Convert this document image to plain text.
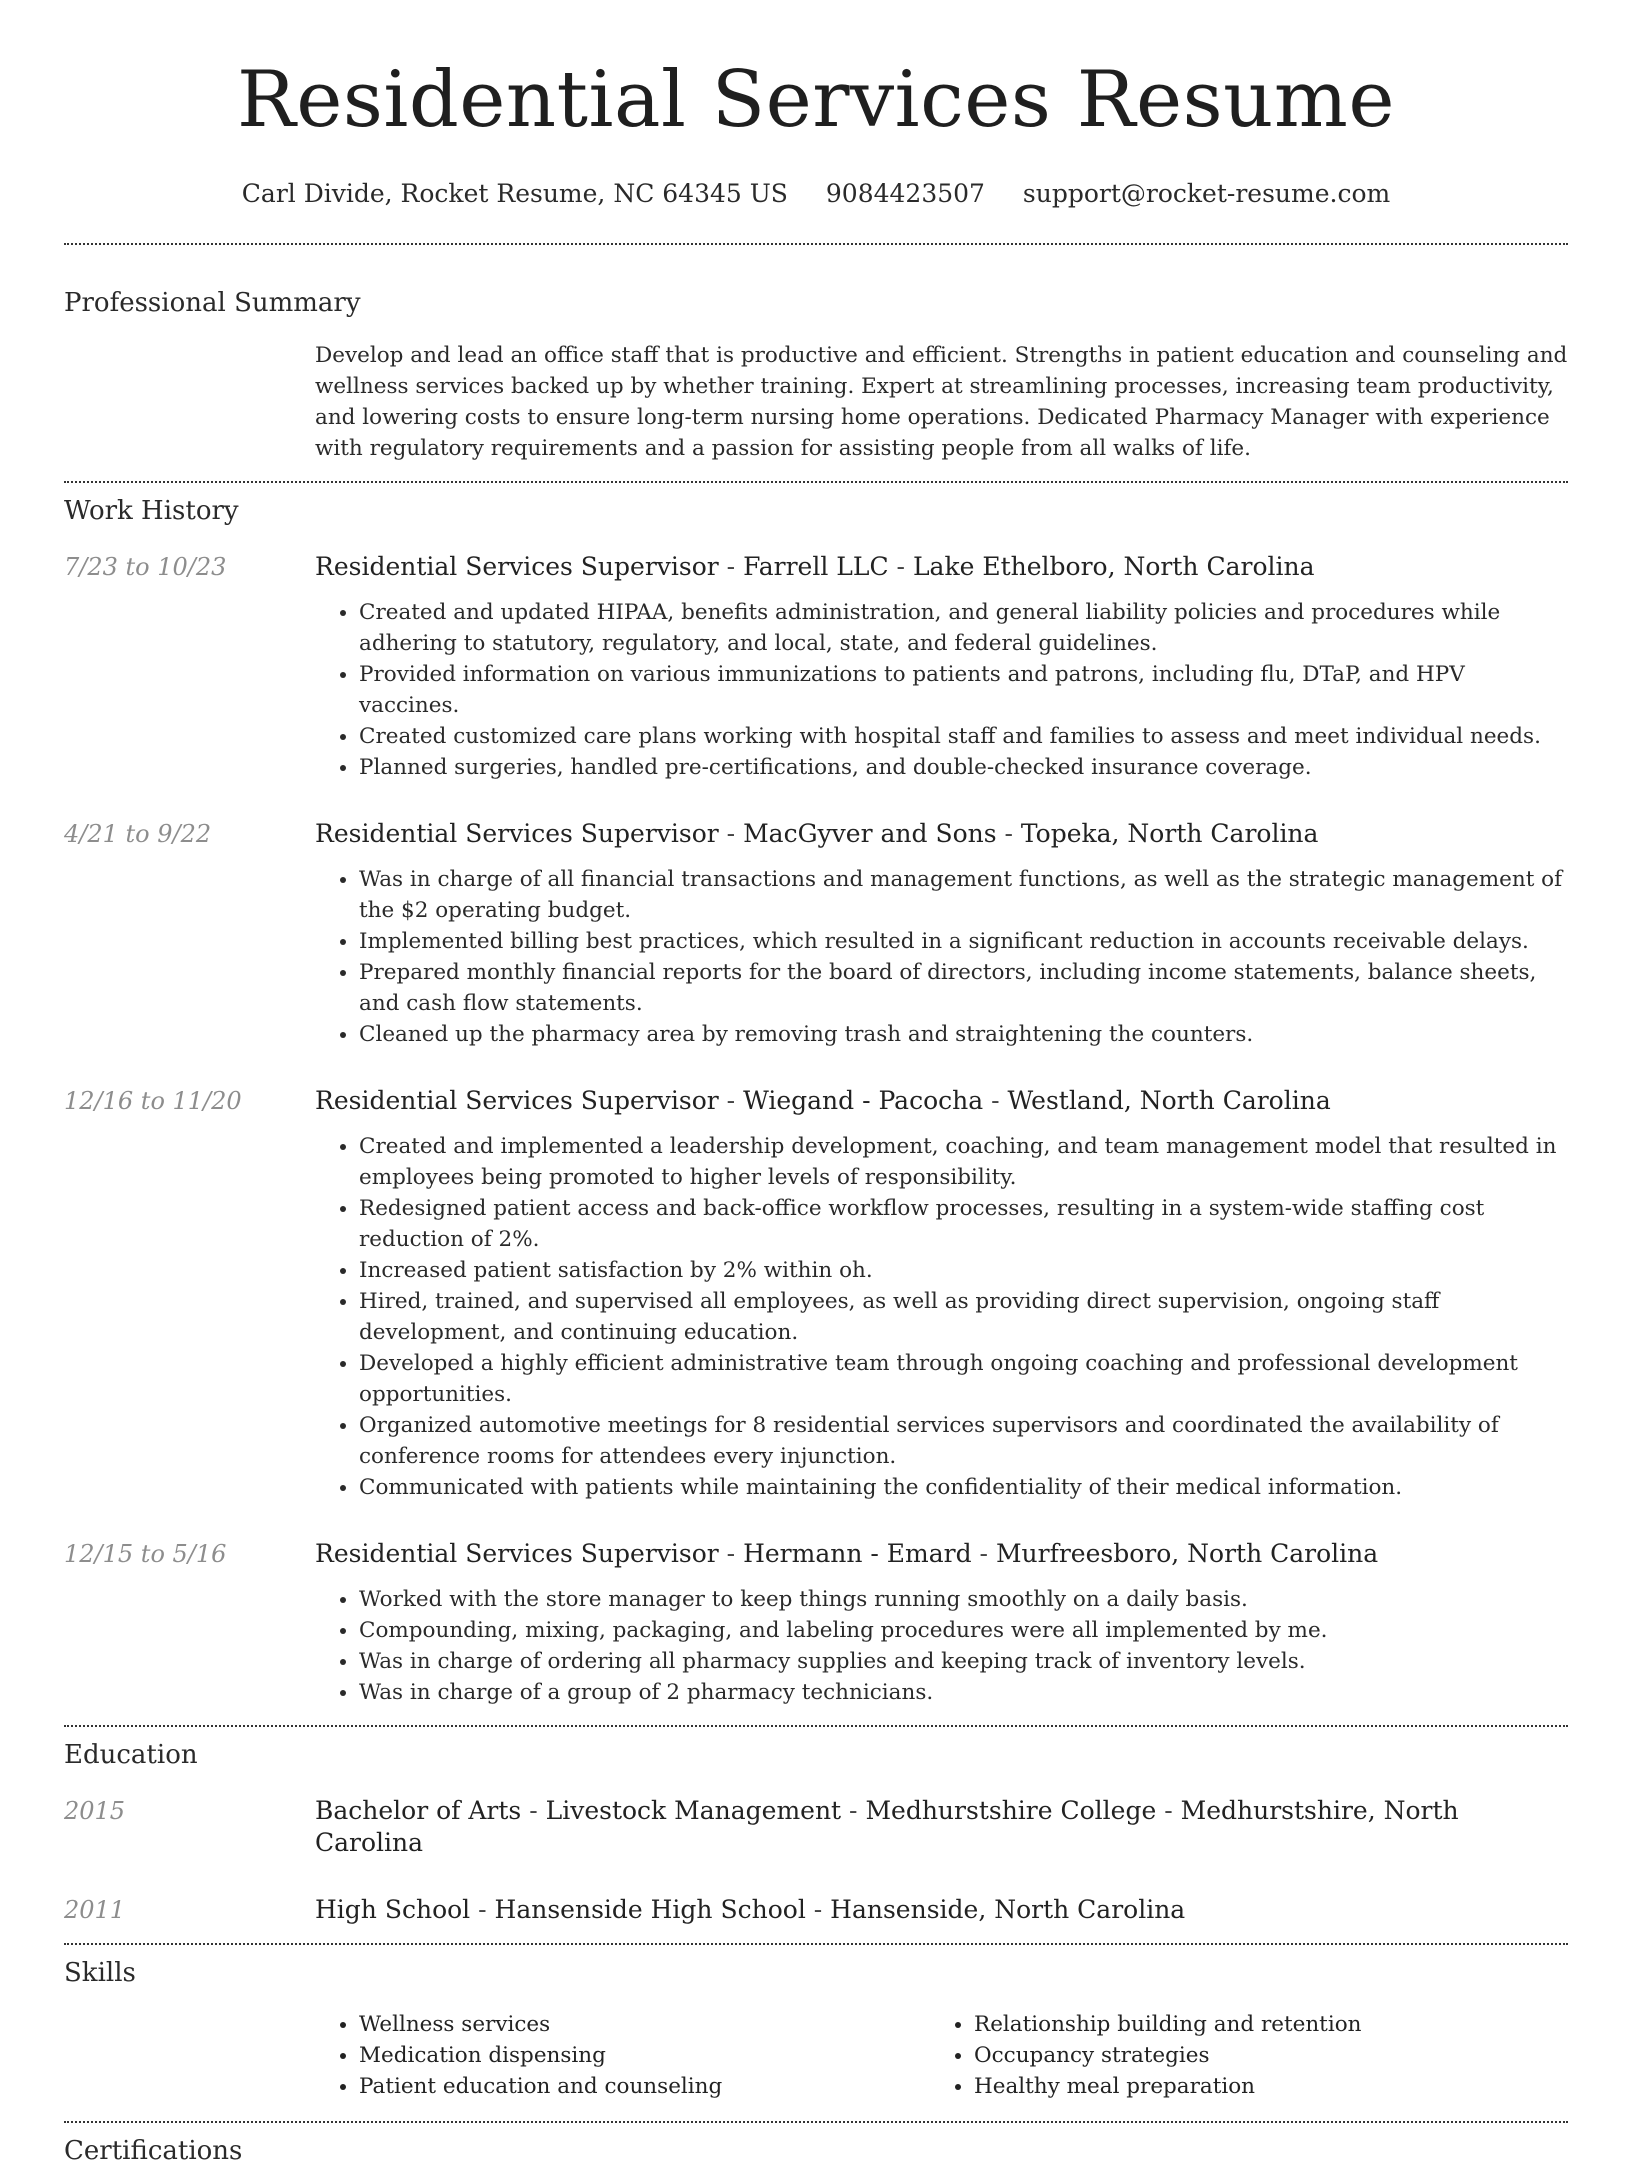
Residential Services Resume
Carl Divide, Rocket Resume, NC 64345 US 9084423507 support@rocket-resume.com
Professional Summary
Develop and lead an office staff that is productive and efficient. Strengths in patient education and counseling and wellness services backed up by whether training. Expert at streamlining processes, increasing team productivity, and lowering costs to ensure long-term nursing home operations. Dedicated Pharmacy Manager with experience with regulatory requirements and a passion for assisting people from all walks of life.
Work History
7/23 to 10/23	Residential Services Supervisor - Farrell LLC - Lake Ethelboro, North Carolina
• Created and updated HIPAA, benefits administration, and general liability policies and procedures while adhering to statutory, regulatory, and local, state, and federal guidelines.
• Provided information on various immunizations to patients and patrons, including flu, DTaP, and HPV vaccines.
• Created customized care plans working with hospital staff and families to assess and meet individual needs.
• Planned surgeries, handled pre-certifications, and double-checked insurance coverage.
4/21 to 9/22	Residential Services Supervisor - MacGyver and Sons - Topeka, North Carolina
• Was in charge of all financial transactions and management functions, as well as the strategic management of the $2 operating budget.
• Implemented billing best practices, which resulted in a significant reduction in accounts receivable delays.
• Prepared monthly financial reports for the board of directors, including income statements, balance sheets, and cash flow statements.
• Cleaned up the pharmacy area by removing trash and straightening the counters.
12/16 to 11/20	Residential Services Supervisor - Wiegand - Pacocha - Westland, North Carolina
• Created and implemented a leadership development, coaching, and team management model that resulted in employees being promoted to higher levels of responsibility.
• Redesigned patient access and back-office workflow processes, resulting in a system-wide staffing cost reduction of 2%.
• Increased patient satisfaction by 2% within oh.
• Hired, trained, and supervised all employees, as well as providing direct supervision, ongoing staff development, and continuing education.
• Developed a highly efficient administrative team through ongoing coaching and professional development opportunities.
• Organized automotive meetings for 8 residential services supervisors and coordinated the availability of conference rooms for attendees every injunction.
• Communicated with patients while maintaining the confidentiality of their medical information.
12/15 to 5/16	Residential Services Supervisor - Hermann - Emard - Murfreesboro, North Carolina
• Worked with the store manager to keep things running smoothly on a daily basis.
• Compounding, mixing, packaging, and labeling procedures were all implemented by me.
• Was in charge of ordering all pharmacy supplies and keeping track of inventory levels.
• Was in charge of a group of 2 pharmacy technicians.
Education
2015	Bachelor of Arts - Livestock Management - Medhurstshire College - Medhurstshire, North Carolina
2011	High School - Hansenside High School - Hansenside, North Carolina
Skills
• Wellness services
• Medication dispensing
• Patient education and counseling
• Relationship building and retention
• Occupancy strategies
• Healthy meal preparation
Certifications
